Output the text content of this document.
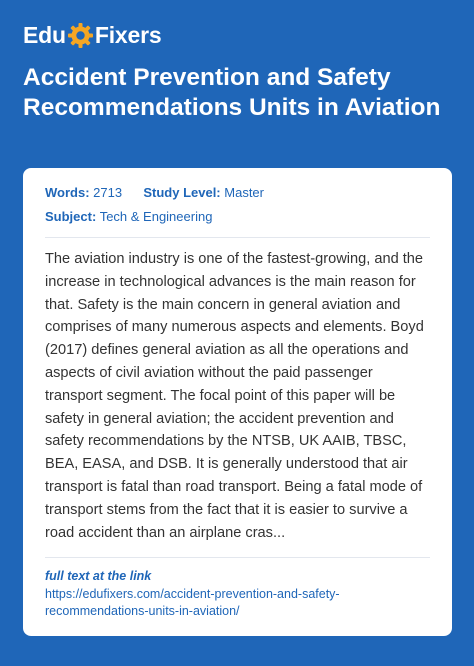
Edu Fixers
Accident Prevention and Safety Recommendations Units in Aviation
Words: 2713 Study Level: Master
Subject: Tech & Engineering

The aviation industry is one of the fastest-growing, and the increase in technological advances is the main reason for that. Safety is the main concern in general aviation and comprises of many numerous aspects and elements. Boyd (2017) defines general aviation as all the operations and aspects of civil aviation without the paid passenger transport segment. The focal point of this paper will be safety in general aviation; the accident prevention and safety recommendations by the NTSB, UK AAIB, TBSC, BEA, EASA, and DSB. It is generally understood that air transport is fatal than road transport. Being a fatal mode of transport stems from the fact that it is easier to survive a road accident than an airplane cras...

full text at the link
https://edufixers.com/accident-prevention-and-safety-recommendations-units-in-aviation/
